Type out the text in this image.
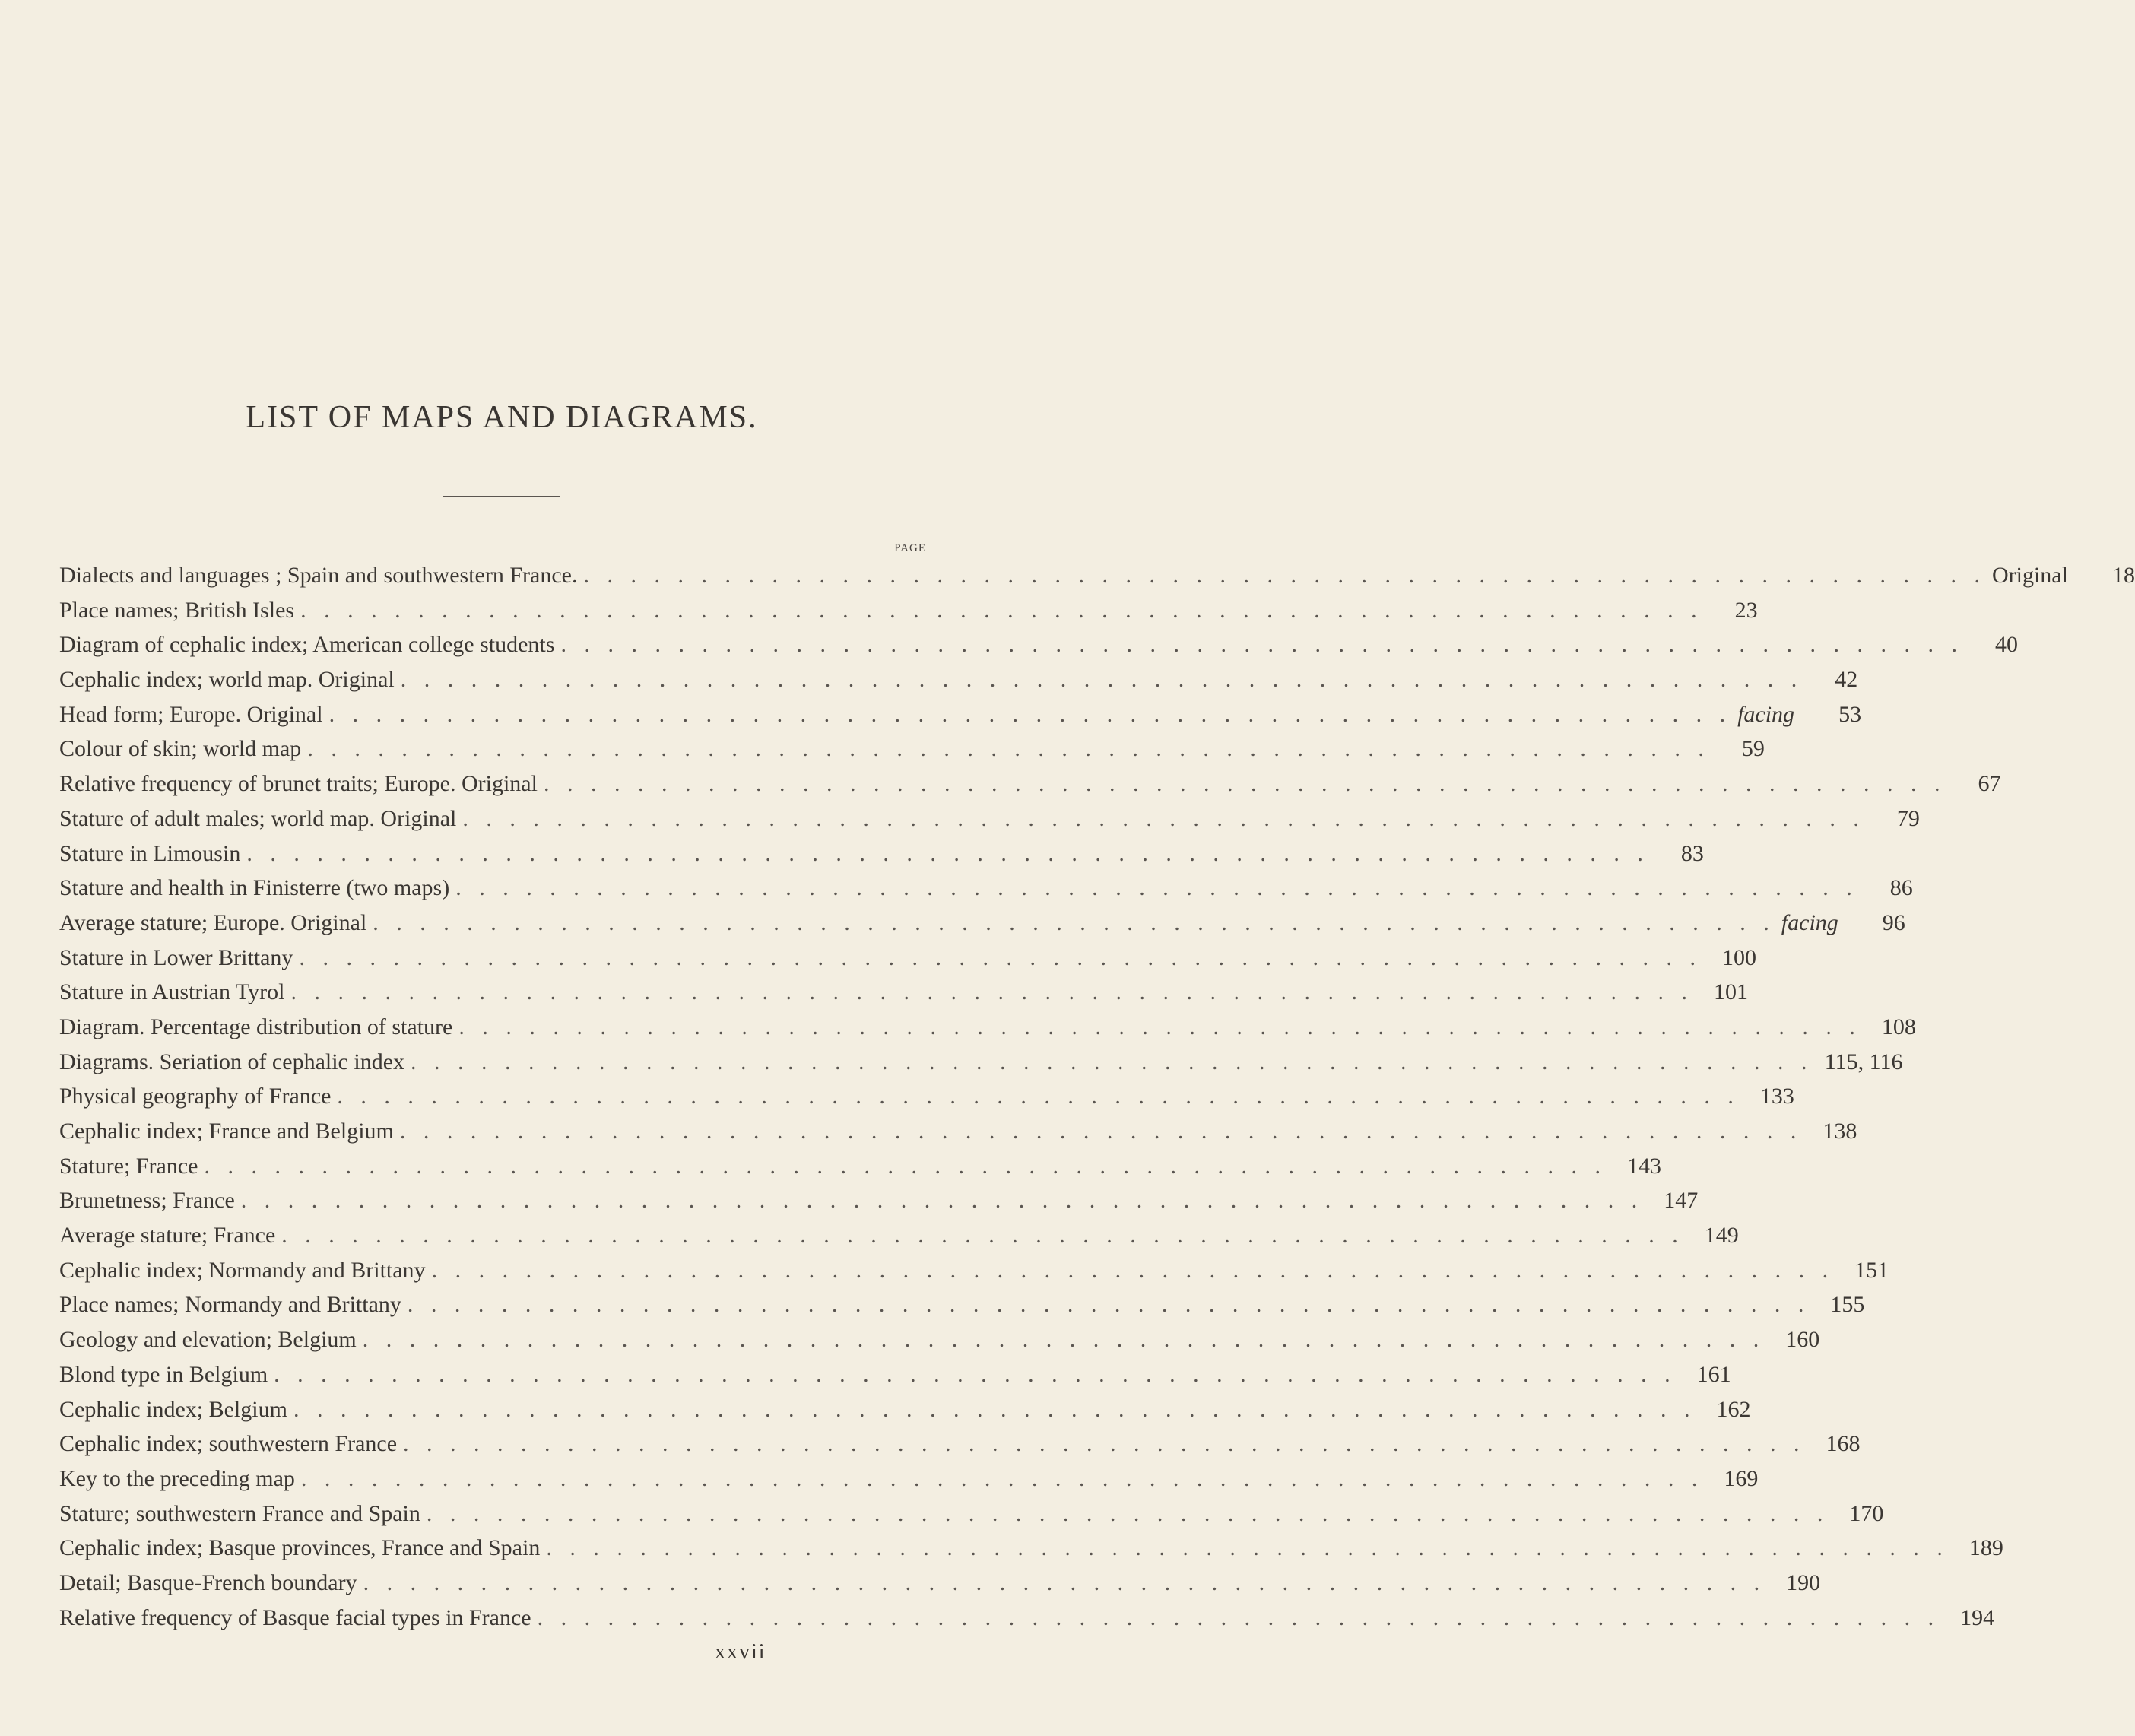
LIST OF MAPS AND DIAGRAMS.
PAGE
Dialects and languages ; Spain and southwestern France. . . . . . . . . . . . . . . . . . . . . . . . . . . . . . . . . . . . . . . . . . . . . . . . . . . . . . . . . . . . . Original	18
Place names; British Isles . . . . . . . . . . . . . . . . . . . . . . . . . . . . . . . . . . . . . . . . . . . . . . . . . . . . . . . . . . . .	23
Diagram of cephalic index; American college students . . . . . . . . . . . . . . . . . . . . . . . . . . . . . . . . . . . . . . . . . . . . . . . . . . . . . . . . . . . .	40
Cephalic index; world map. Original . . . . . . . . . . . . . . . . . . . . . . . . . . . . . . . . . . . . . . . . . . . . . . . . . . . . . . . . . . . .	42
Head form; Europe. Original . . . . . . . . . . . . . . . . . . . . . . . . . . . . . . . . . . . . . . . . . . . . . . . . . . . . . . . . . . . . facing	53
Colour of skin; world map . . . . . . . . . . . . . . . . . . . . . . . . . . . . . . . . . . . . . . . . . . . . . . . . . . . . . . . . . . . .	59
Relative frequency of brunet traits; Europe. Original . . . . . . . . . . . . . . . . . . . . . . . . . . . . . . . . . . . . . . . . . . . . . . . . . . . . . . . . . . . .	67
Stature of adult males; world map. Original . . . . . . . . . . . . . . . . . . . . . . . . . . . . . . . . . . . . . . . . . . . . . . . . . . . . . . . . . . . .	79
Stature in Limousin . . . . . . . . . . . . . . . . . . . . . . . . . . . . . . . . . . . . . . . . . . . . . . . . . . . . . . . . . . . .	83
Stature and health in Finisterre (two maps) . . . . . . . . . . . . . . . . . . . . . . . . . . . . . . . . . . . . . . . . . . . . . . . . . . . . . . . . . . . .	86
Average stature; Europe. Original . . . . . . . . . . . . . . . . . . . . . . . . . . . . . . . . . . . . . . . . . . . . . . . . . . . . . . . . . . . . facing	96
Stature in Lower Brittany . . . . . . . . . . . . . . . . . . . . . . . . . . . . . . . . . . . . . . . . . . . . . . . . . . . . . . . . . . . . 100
Stature in Austrian Tyrol . . . . . . . . . . . . . . . . . . . . . . . . . . . . . . . . . . . . . . . . . . . . . . . . . . . . . . . . . . . . 101
Diagram. Percentage distribution of stature . . . . . . . . . . . . . . . . . . . . . . . . . . . . . . . . . . . . . . . . . . . . . . . . . . . . . . . . . . . . 108
Diagrams. Seriation of cephalic index . . . . . . . . . . . . . . . . . . . . . . . . . . . . . . . . . . . . . . . . . . . . . . . . . . . . . . . . . . . . 115, 116
Physical geography of France . . . . . . . . . . . . . . . . . . . . . . . . . . . . . . . . . . . . . . . . . . . . . . . . . . . . . . . . . . . . 133
Cephalic index; France and Belgium . . . . . . . . . . . . . . . . . . . . . . . . . . . . . . . . . . . . . . . . . . . . . . . . . . . . . . . . . . . . 138
Stature; France . . . . . . . . . . . . . . . . . . . . . . . . . . . . . . . . . . . . . . . . . . . . . . . . . . . . . . . . . . . . 143
Brunetness; France . . . . . . . . . . . . . . . . . . . . . . . . . . . . . . . . . . . . . . . . . . . . . . . . . . . . . . . . . . . . 147
Average stature; France . . . . . . . . . . . . . . . . . . . . . . . . . . . . . . . . . . . . . . . . . . . . . . . . . . . . . . . . . . . . 149
Cephalic index; Normandy and Brittany . . . . . . . . . . . . . . . . . . . . . . . . . . . . . . . . . . . . . . . . . . . . . . . . . . . . . . . . . . . . 151
Place names; Normandy and Brittany . . . . . . . . . . . . . . . . . . . . . . . . . . . . . . . . . . . . . . . . . . . . . . . . . . . . . . . . . . . . 155
Geology and elevation; Belgium . . . . . . . . . . . . . . . . . . . . . . . . . . . . . . . . . . . . . . . . . . . . . . . . . . . . . . . . . . . . 160
Blond type in Belgium . . . . . . . . . . . . . . . . . . . . . . . . . . . . . . . . . . . . . . . . . . . . . . . . . . . . . . . . . . . . 161
Cephalic index; Belgium . . . . . . . . . . . . . . . . . . . . . . . . . . . . . . . . . . . . . . . . . . . . . . . . . . . . . . . . . . . . 162
Cephalic index; southwestern France . . . . . . . . . . . . . . . . . . . . . . . . . . . . . . . . . . . . . . . . . . . . . . . . . . . . . . . . . . . . 168
Key to the preceding map . . . . . . . . . . . . . . . . . . . . . . . . . . . . . . . . . . . . . . . . . . . . . . . . . . . . . . . . . . . . 169
Stature; southwestern France and Spain . . . . . . . . . . . . . . . . . . . . . . . . . . . . . . . . . . . . . . . . . . . . . . . . . . . . . . . . . . . . 170
Cephalic index; Basque provinces, France and Spain . . . . . . . . . . . . . . . . . . . . . . . . . . . . . . . . . . . . . . . . . . . . . . . . . . . . . . . . . . . . 189
Detail; Basque-French boundary . . . . . . . . . . . . . . . . . . . . . . . . . . . . . . . . . . . . . . . . . . . . . . . . . . . . . . . . . . . . 190
Relative frequency of Basque facial types in France . . . . . . . . . . . . . . . . . . . . . . . . . . . . . . . . . . . . . . . . . . . . . . . . . . . . . . . . . . . . 194
xxvii
